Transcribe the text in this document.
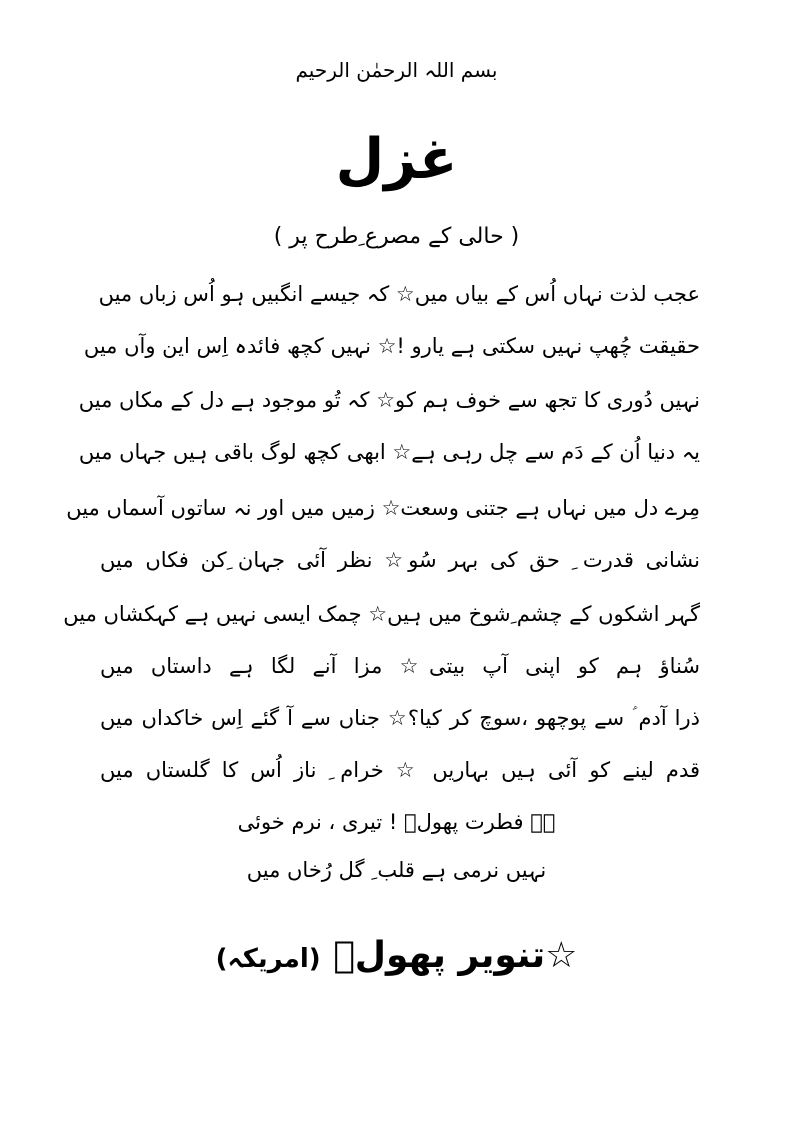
بسم اللہ الرحمٰن الرحیم
غزل
( حالی کے مصرع ِطرح پر )
عجب لذت نہاں اُس کے بیاں میں☆ کہ جیسے انگبیں ہو اُس زباں میں
حقیقت چُھپ نہیں سکتی ہے یارو !☆ نہیں کچھ فائدہ اِس این وآں میں
نہیں دُوری کا تجھ سے خوف ہم کو☆ کہ تُو موجود ہے دل کے مکاں میں
یہ دنیا اُن کے دَم سے چل رہی ہے☆ ابھی کچھ لوگ باقی ہیں جہاں میں
مِرے دل میں نہاں ہے جتنی وسعت☆ زمیں میں اور نہ ساتوں آسماں میں
نشانی قدرت ِ حق کی بہر سُو☆ نظر آئی جہان ِکن فکاں میں
گہر اشکوں کے چشم ِشوخ میں ہیں☆ چمک ایسی نہیں ہے کہکشاں میں
سُناؤ ہم کو اپنی آپ بیتی☆ مزا آنے لگا ہے داستاں میں
ذرا آدم ؑ سے پوچھو ،سوچ کر کیا؟☆ جناں سے آ گئے اِس خاکداں میں
قدم لینے کو آئی ہیں بہاریں ☆ خرام ِ ناز اُس کا گلستاں میں
ہے فطرت پھولؔ ! تیری ، نرم خوئی
نہیں نرمی ہے قلب ِ گل رُخاں میں
☆تنویر پھولؔ (امریکہ)
